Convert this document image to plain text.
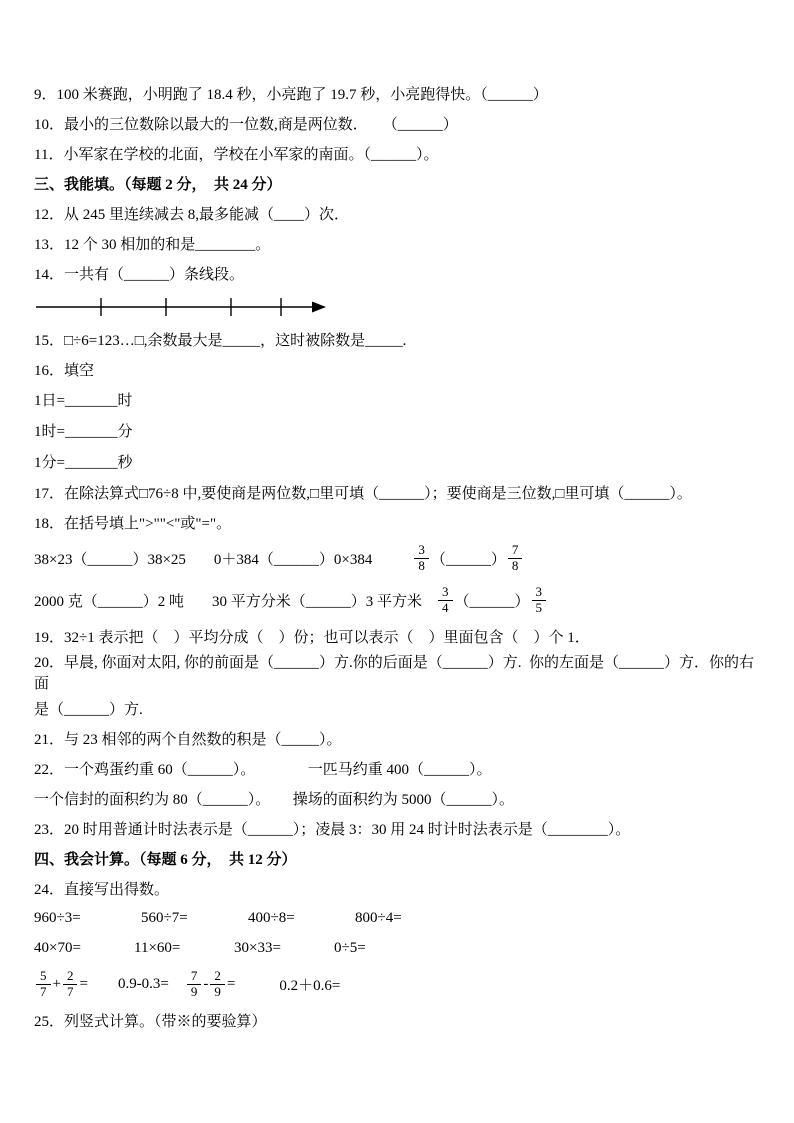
9．100 米赛跑，小明跑了 18.4 秒，小亮跑了 19.7 秒，小亮跑得快。（______）
10．最小的三位数除以最大的一位数,商是两位数．　　（______）
11．小军家在学校的北面，学校在小军家的南面。（______）。
三、我能填。（每题 2 分，  共 24 分）
12．从 245 里连续减去 8,最多能减（____）次．
13．12 个 30 相加的和是________。
14．一共有（______）条线段。
15．□÷6=123…□,余数最大是_____，这时被除数是_____.
16．填空
1日=_______时
1时=_______分
1分=_______秒
17．在除法算式□76÷8 中,要使商是两位数,□里可填（______）；要使商是三位数,□里可填（______）。
18．在括号填上">""<"或"="。
38×23（______）38×25 0＋384（______）0×384	$\frac{3}{8}$ （______） $\frac{7}{8}$
2000 克（______）2 吨 30 平方分米（______）3 平方米 $\frac{3}{4}$ （______） $\frac{3}{5}$
19．32÷1 表示把（　）平均分成（　）份；也可以表示（　）里面包含（　）个 1．
20．早晨, 你面对太阳, 你的前面是（______）方.你的后面是（______）方.  你的左面是（______）方．你的右面
是（______）方.
21．与 23 相邻的两个自然数的积是（_____）。
22．一个鸡蛋约重 60（______）。　　　　一匹马约重 400（______）。
一个信封的面积约为 80（______）。　　操场的面积约为 5000（______）。
23．20 时用普通计时法表示是（______）；凌晨 3：30 用 24 时计时法表示是（________）。
四、我会计算。（每题 6 分，  共 12 分）
24．直接写出得数。
960÷3=	560÷7=	400÷8=	800÷4=
40×70=	11×60=	30×33=	0÷5=
$\frac{5}{7} + \frac{2}{7} = 0.9-0.3= \frac{7}{9} - \frac{2}{9}$ =	0.2＋0.6=
25．列竖式计算。（带※的要验算）
